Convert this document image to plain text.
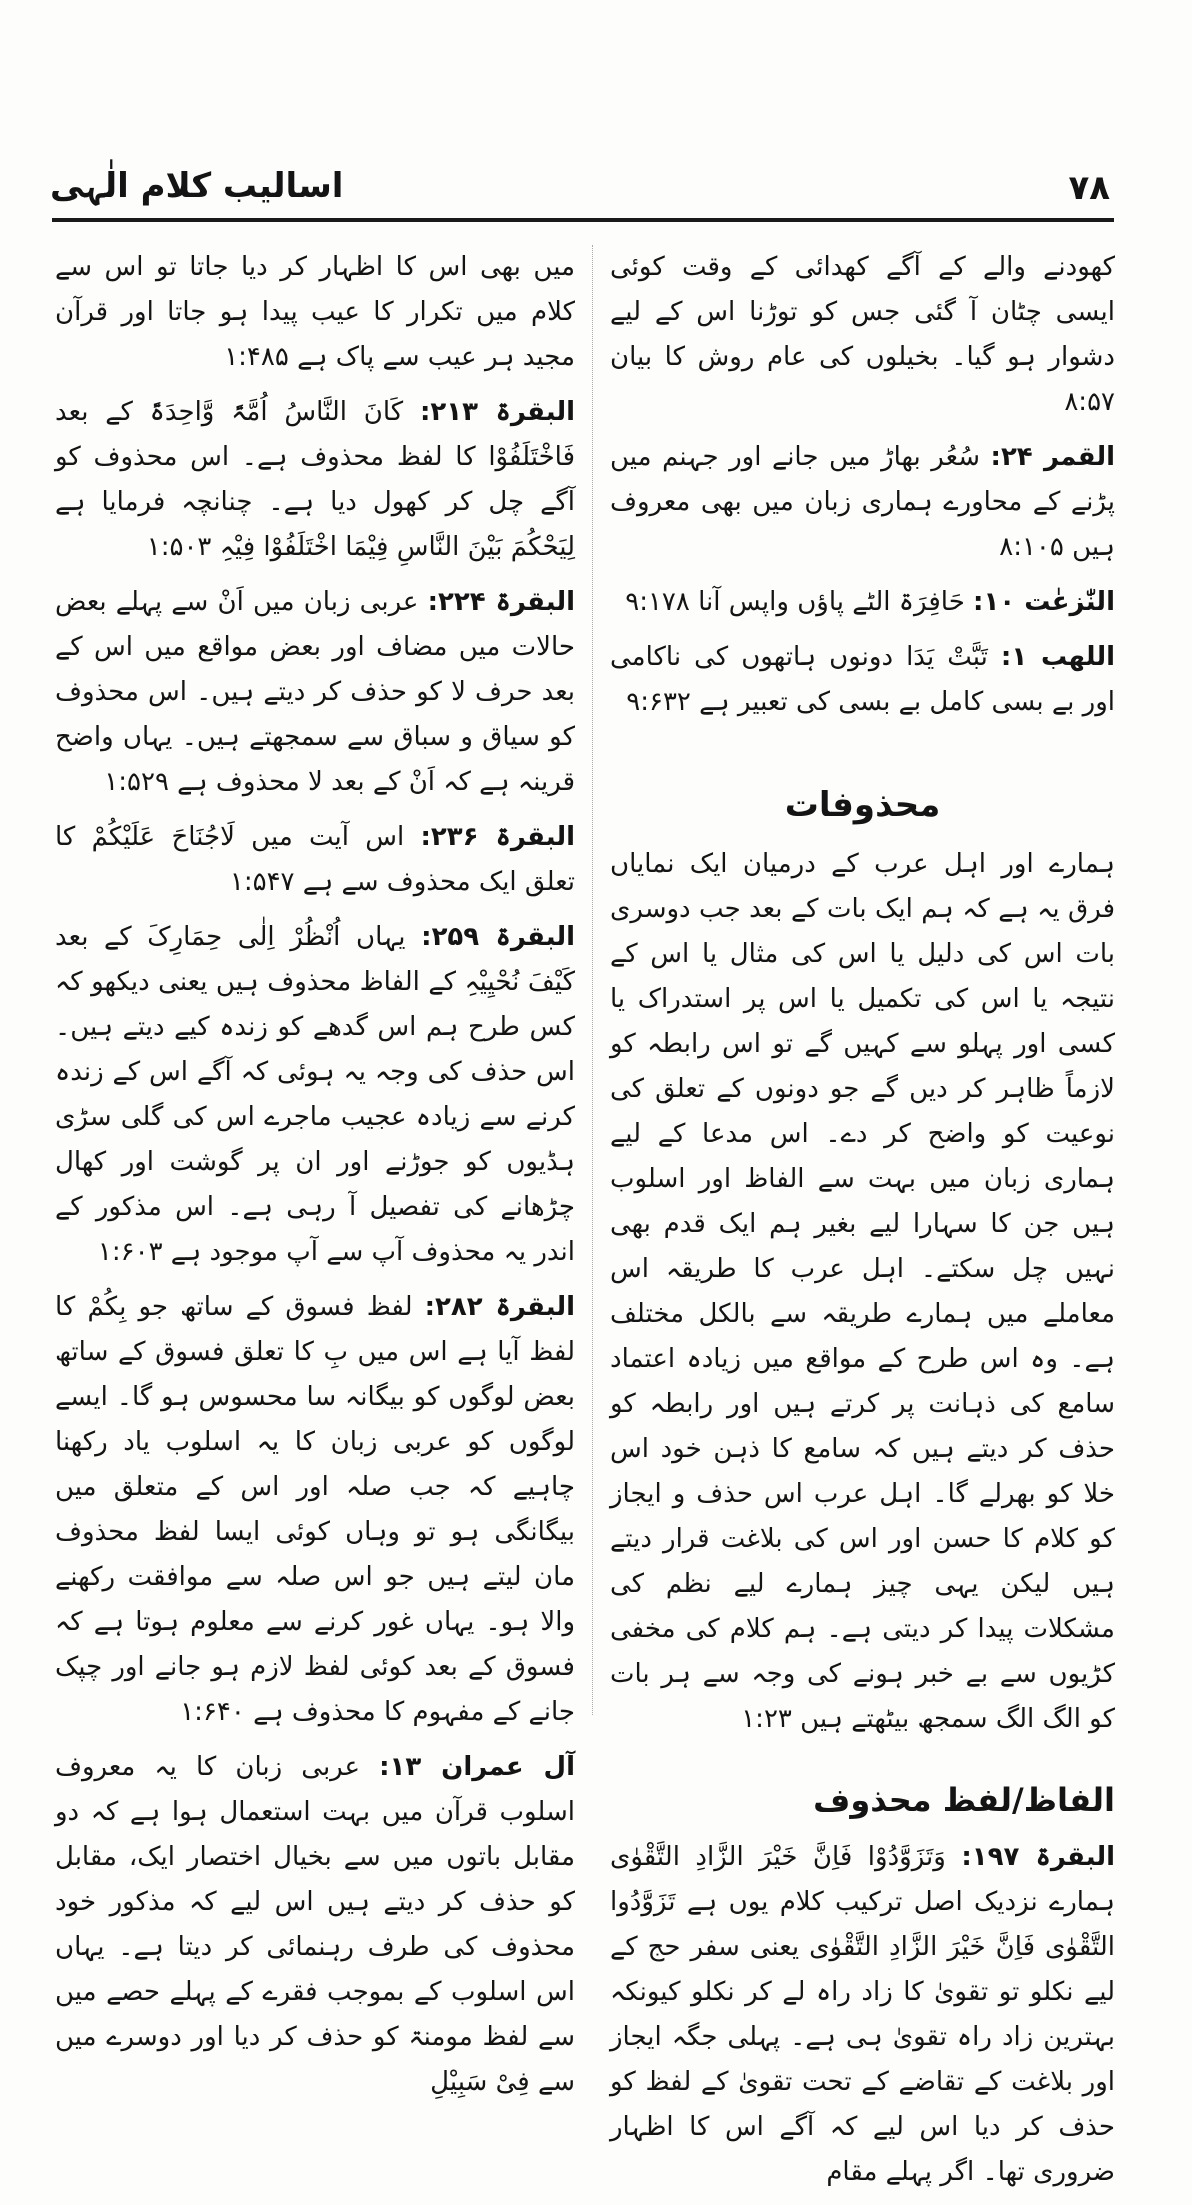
اسالیب کلام الٰہی	۷۸

کھودنے والے کے آگے کھدائی کے وقت کوئی ایسی چٹان آ گئی جس کو توڑنا اس کے لیے دشوار ہو گیا۔ بخیلوں کی عام روش کا بیان ۸:۵۷

القمر ۲۴: سُعُر بھاڑ میں جانے اور جہنم میں پڑنے کے محاورے ہماری زبان میں بھی معروف ہیں ۸:۱۰۵

النّٰزعٰت ۱۰: حَافِرَۃ الٹے پاؤں واپس آنا ۹:۱۷۸

اللھب ۱: تَبَّتْ یَدَا دونوں ہاتھوں کی ناکامی اور بے بسی کامل بے بسی کی تعبیر ہے ۹:۶۳۲

محذوفات

ہمارے اور اہل عرب کے درمیان ایک نمایاں فرق یہ ہے کہ ہم ایک بات کے بعد جب دوسری بات اس کی دلیل یا اس کی مثال یا اس کے نتیجہ یا اس کی تکمیل یا اس پر استدراک یا کسی اور پہلو سے کہیں گے تو اس رابطہ کو لازماً ظاہر کر دیں گے جو دونوں کے تعلق کی نوعیت کو واضح کر دے۔ اس مدعا کے لیے ہماری زبان میں بہت سے الفاظ اور اسلوب ہیں جن کا سہارا لیے بغیر ہم ایک قدم بھی نہیں چل سکتے۔ اہل عرب کا طریقہ اس معاملے میں ہمارے طریقہ سے بالکل مختلف ہے۔ وہ اس طرح کے مواقع میں زیادہ اعتماد سامع کی ذہانت پر کرتے ہیں اور رابطہ کو حذف کر دیتے ہیں کہ سامع کا ذہن خود اس خلا کو بھرلے گا۔ اہل عرب اس حذف و ایجاز کو کلام کا حسن اور اس کی بلاغت قرار دیتے ہیں لیکن یہی چیز ہمارے لیے نظم کی مشکلات پیدا کر دیتی ہے۔ ہم کلام کی مخفی کڑیوں سے بے خبر ہونے کی وجہ سے ہر بات کو الگ الگ سمجھ بیٹھتے ہیں ۱:۲۳

الفاظ/لفظ محذوف

البقرۃ ۱۹۷: وَتَزَوَّدُوْا فَاِنَّ خَیْرَ الزَّادِ التَّقْوٰی ہمارے نزدیک اصل ترکیب کلام یوں ہے تَزَوَّدُوا التَّقْوٰی فَاِنَّ خَیْرَ الزَّادِ التَّقْوٰی یعنی سفر حج کے لیے نکلو تو تقویٰ کا زاد راہ لے کر نکلو کیونکہ بہترین زاد راہ تقویٰ ہی ہے۔ پہلی جگہ ایجاز اور بلاغت کے تقاضے کے تحت تقویٰ کے لفظ کو حذف کر دیا اس لیے کہ آگے اس کا اظہار ضروری تھا۔ اگر پہلے مقام

میں بھی اس کا اظہار کر دیا جاتا تو اس سے کلام میں تکرار کا عیب پیدا ہو جاتا اور قرآن مجید ہر عیب سے پاک ہے ۱:۴۸۵

البقرۃ ۲۱۳: کَانَ النَّاسُ اُمَّۃً وَّاحِدَۃً کے بعد فَاخْتَلَفُوْا کا لفظ محذوف ہے۔ اس محذوف کو آگے چل کر کھول دیا ہے۔ چنانچہ فرمایا ہے لِیَحْکُمَ بَیْنَ النَّاسِ فِیْمَا اخْتَلَفُوْا فِیْہِ ۱:۵۰۳

البقرۃ ۲۲۴: عربی زبان میں اَنْ سے پہلے بعض حالات میں مضاف اور بعض مواقع میں اس کے بعد حرف لا کو حذف کر دیتے ہیں۔ اس محذوف کو سیاق و سباق سے سمجھتے ہیں۔ یہاں واضح قرینہ ہے کہ اَنْ کے بعد لا محذوف ہے ۱:۵۲۹

البقرۃ ۲۳۶: اس آیت میں لَاجُنَاحَ عَلَیْکُمْ کا تعلق ایک محذوف سے ہے ۱:۵۴۷

البقرۃ ۲۵۹: یہاں اُنْظُرْ اِلٰی حِمَارِکَ کے بعد کَیْفَ نُحْیِیْہِ کے الفاظ محذوف ہیں یعنی دیکھو کہ کس طرح ہم اس گدھے کو زندہ کیے دیتے ہیں۔ اس حذف کی وجہ یہ ہوئی کہ آگے اس کے زندہ کرنے سے زیادہ عجیب ماجرے اس کی گلی سڑی ہڈیوں کو جوڑنے اور ان پر گوشت اور کھال چڑھانے کی تفصیل آ رہی ہے۔ اس مذکور کے اندر یہ محذوف آپ سے آپ موجود ہے ۱:۶۰۳

البقرۃ ۲۸۲: لفظ فسوق کے ساتھ جو بِکُمْ کا لفظ آیا ہے اس میں بِ کا تعلق فسوق کے ساتھ بعض لوگوں کو بیگانہ سا محسوس ہو گا۔ ایسے لوگوں کو عربی زبان کا یہ اسلوب یاد رکھنا چاہیے کہ جب صلہ اور اس کے متعلق میں بیگانگی ہو تو وہاں کوئی ایسا لفظ محذوف مان لیتے ہیں جو اس صلہ سے موافقت رکھنے والا ہو۔ یہاں غور کرنے سے معلوم ہوتا ہے کہ فسوق کے بعد کوئی لفظ لازم ہو جانے اور چپک جانے کے مفہوم کا محذوف ہے ۱:۶۴۰

آل عمران ۱۳: عربی زبان کا یہ معروف اسلوب قرآن میں بہت استعمال ہوا ہے کہ دو مقابل باتوں میں سے بخیال اختصار ایک، مقابل کو حذف کر دیتے ہیں اس لیے کہ مذکور خود محذوف کی طرف رہنمائی کر دیتا ہے۔ یہاں اس اسلوب کے بموجب فقرے کے پہلے حصے میں سے لفظ مومنۃ کو حذف کر دیا اور دوسرے میں سے فِیْ سَبِیْلِ
